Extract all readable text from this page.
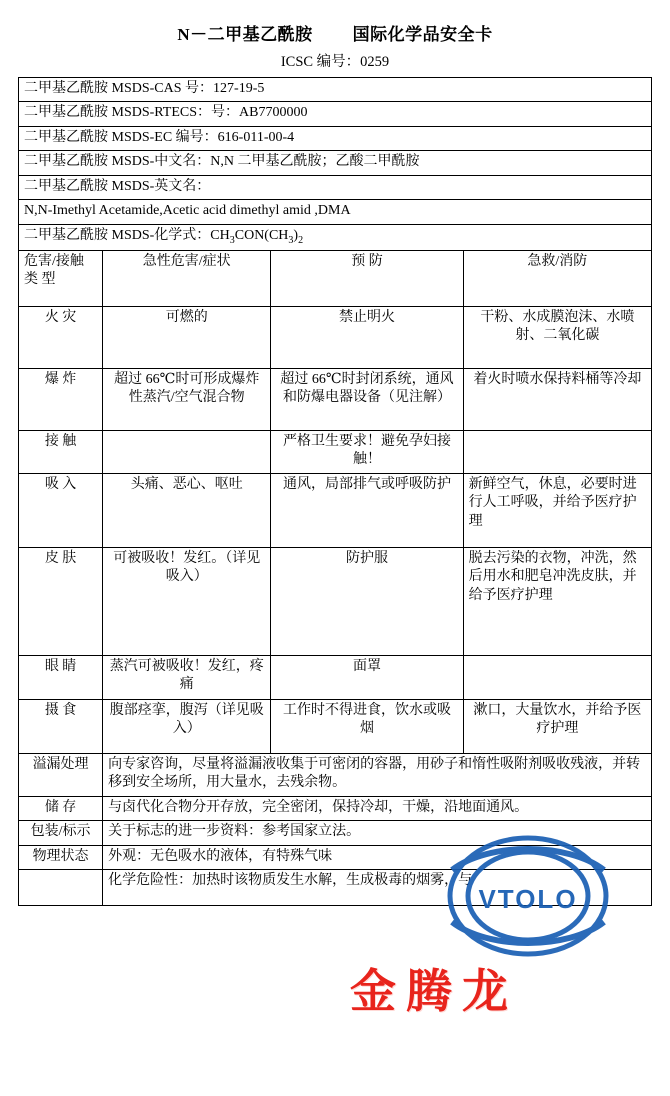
N－二甲基乙酰胺 国际化学品安全卡
ICSC 编号：0259
二甲基乙酰胺 MSDS-CAS 号：127-19-5			
二甲基乙酰胺 MSDS-RTECS：号：AB7700000			
二甲基乙酰胺 MSDS-EC 编号：616-011-00-4			
二甲基乙酰胺 MSDS-中文名：N,N 二甲基乙酰胺；乙酸二甲酰胺			
二甲基乙酰胺 MSDS-英文名：			
N,N-Imethyl Acetamide,Acetic acid dimethyl amid ,DMA			
二甲基乙酰胺 MSDS-化学式：$CH_3CON(CH_3)_2$
危害/接触 类 型	急性危害/症状	预 防	急救/消防
火 灾	可燃的	禁止明火	干粉、水成膜泡沫、水喷射、二氧化碳
爆 炸	超过 66℃时可形成爆炸性蒸汽/空气混合物	超过 66℃时封闭系统，通风和防爆电器设备（见注解）	着火时喷水保持料桶等冷却
接 触		严格卫生要求！避免孕妇接触！	
吸 入	头痛、恶心、呕吐	通风，局部排气或呼吸防护	新鲜空气，休息，必要时进行人工呼吸，并给予医疗护理
皮 肤	可被吸收！发红。（详见吸入）	防护服	脱去污染的衣物，冲洗，然后用水和肥皂冲洗皮肤，并给予医疗护理
眼 睛	蒸汽可被吸收！发红，疼痛	面罩	
摄 食	腹部痉挛，腹泻（详见吸入）	工作时不得进食，饮水或吸烟	漱口，大量饮水，并给予医疗护理
溢漏处理	向专家咨询，尽量将溢漏液收集于可密闭的容器，用砂子和惰性吸附剂吸收残液，并转移到安全场所，用大量水，去残余物。		
储 存	与卤代化合物分开存放，完全密闭，保持冷却，干燥，沿地面通风。		
包装/标示	关于标志的进一步资料：参考国家立法。		
物理状态	外观：无色吸水的液体，有特殊气味		
	化学危险性：加热时该物质发生水解，生成极毒的烟雾，与		
VTOLO
金腾龙
